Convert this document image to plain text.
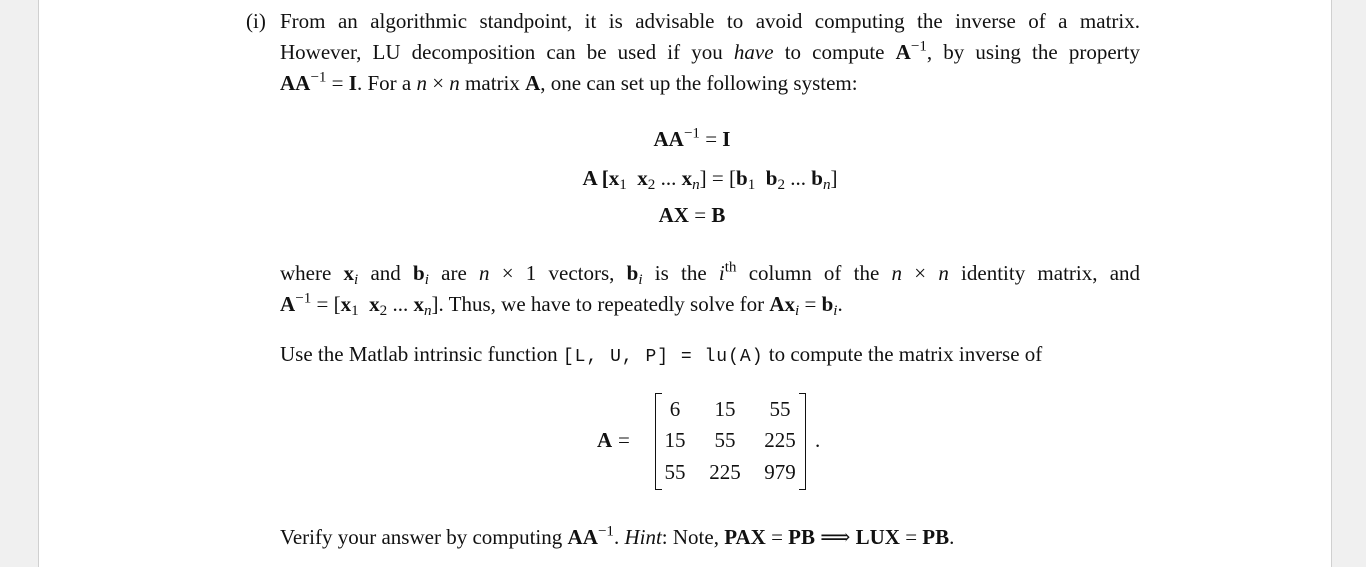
(i) From an algorithmic standpoint, it is advisable to avoid computing the inverse of a matrix.
However, LU decomposition can be used if you have to compute $A^{-1}$, by using the property
$AA^{-1} = I$. For a n × n matrix A, one can set up the following system:
$AA^{-1} = I$
A [$x_1$ $x_2$ ... $x_n] = [b_1$ $b_2$ ... $b_n$]
AX = B
where $x_i$ and $b_i$ are n × 1 vectors, $b_i$ is the $i^{th}$ column of the n × n identity matrix, and
$A^{-1} = [x_1$ $x_2$ ... $x_n$]. Thus, we have to repeatedly solve for $Ax_i = b_i$.
Use the Matlab intrinsic function [L, U, P] = lu(A) to compute the matrix inverse of
A =
6	15	55
15	55	225
55	225	979
.
Verify your answer by computing $AA^{-1}$. Hint: Note, PAX = PB ⟹ LUX = PB.
